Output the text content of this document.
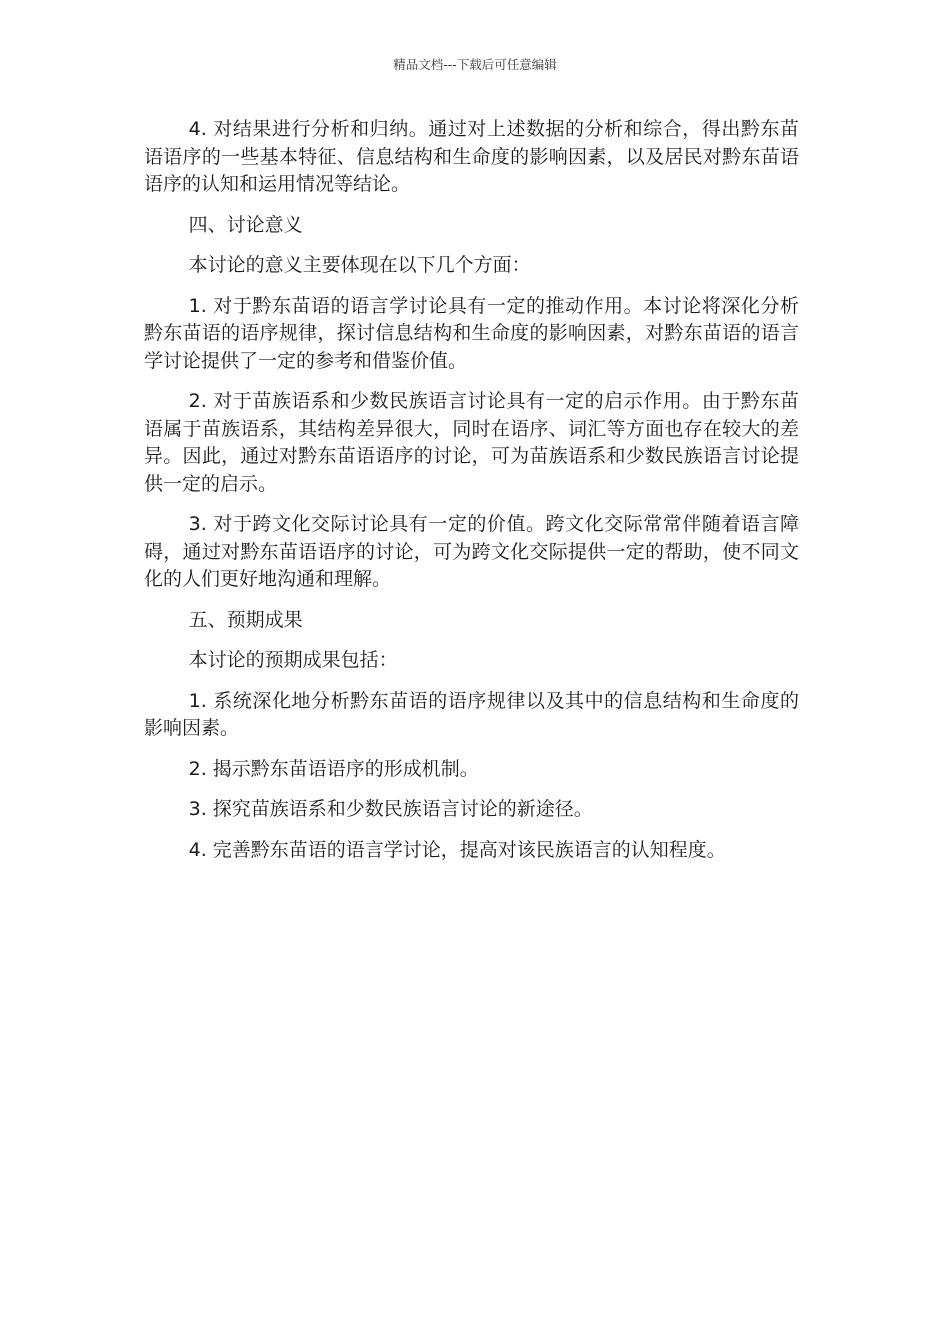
精品文档---下载后可任意编辑

4. 对结果进行分析和归纳。通过对上述数据的分析和综合，得出黔东苗语语序的一些基本特征、信息结构和生命度的影响因素，以及居民对黔东苗语语序的认知和运用情况等结论。

四、讨论意义

本讨论的意义主要体现在以下几个方面：

1. 对于黔东苗语的语言学讨论具有一定的推动作用。本讨论将深化分析黔东苗语的语序规律，探讨信息结构和生命度的影响因素，对黔东苗语的语言学讨论提供了一定的参考和借鉴价值。

2. 对于苗族语系和少数民族语言讨论具有一定的启示作用。由于黔东苗语属于苗族语系，其结构差异很大，同时在语序、词汇等方面也存在较大的差异。因此，通过对黔东苗语语序的讨论，可为苗族语系和少数民族语言讨论提供一定的启示。

3. 对于跨文化交际讨论具有一定的价值。跨文化交际常常伴随着语言障碍，通过对黔东苗语语序的讨论，可为跨文化交际提供一定的帮助，使不同文化的人们更好地沟通和理解。

五、预期成果

本讨论的预期成果包括：

1. 系统深化地分析黔东苗语的语序规律以及其中的信息结构和生命度的影响因素。

2. 揭示黔东苗语语序的形成机制。

3. 探究苗族语系和少数民族语言讨论的新途径。

4. 完善黔东苗语的语言学讨论，提高对该民族语言的认知程度。
